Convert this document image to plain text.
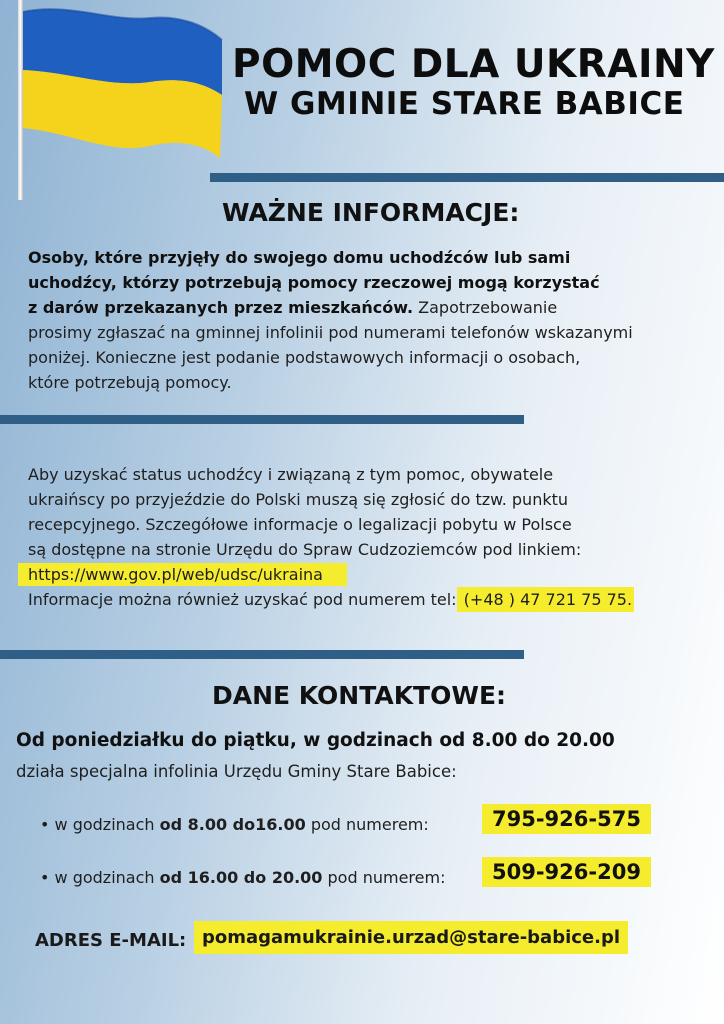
POMOC DLA UKRAINY
W GMINIE STARE BABICE
WAŻNE INFORMACJE:
Osoby, które przyjęły do swojego domu uchodźców lub sami
uchodźcy, którzy potrzebują pomocy rzeczowej mogą korzystać
z darów przekazanych przez mieszkańców. Zapotrzebowanie
prosimy zgłaszać na gminnej infolinii pod numerami telefonów wskazanymi
poniżej. Konieczne jest podanie podstawowych informacji o osobach,
które potrzebują pomocy.
Aby uzyskać status uchodźcy i związaną z tym pomoc, obywatele
ukraińscy po przyjeździe do Polski muszą się zgłosić do tzw. punktu
recepcyjnego. Szczegółowe informacje o legalizacji pobytu w Polsce
są dostępne na stronie Urzędu do Spraw Cudzoziemców pod linkiem:
https://www.gov.pl/web/udsc/ukraina
Informacje można również uzyskać pod numerem tel: (+48 ) 47 721 75 75.
DANE KONTAKTOWE:
Od poniedziałku do piątku, w godzinach od 8.00 do 20.00
działa specjalna infolinia Urzędu Gminy Stare Babice:
• w godzinach od 8.00 do16.00 pod numerem:	795-926-575
• w godzinach od 16.00 do 20.00 pod numerem:	509-926-209
ADRES E-MAIL: pomagamukrainie.urzad@stare-babice.pl
